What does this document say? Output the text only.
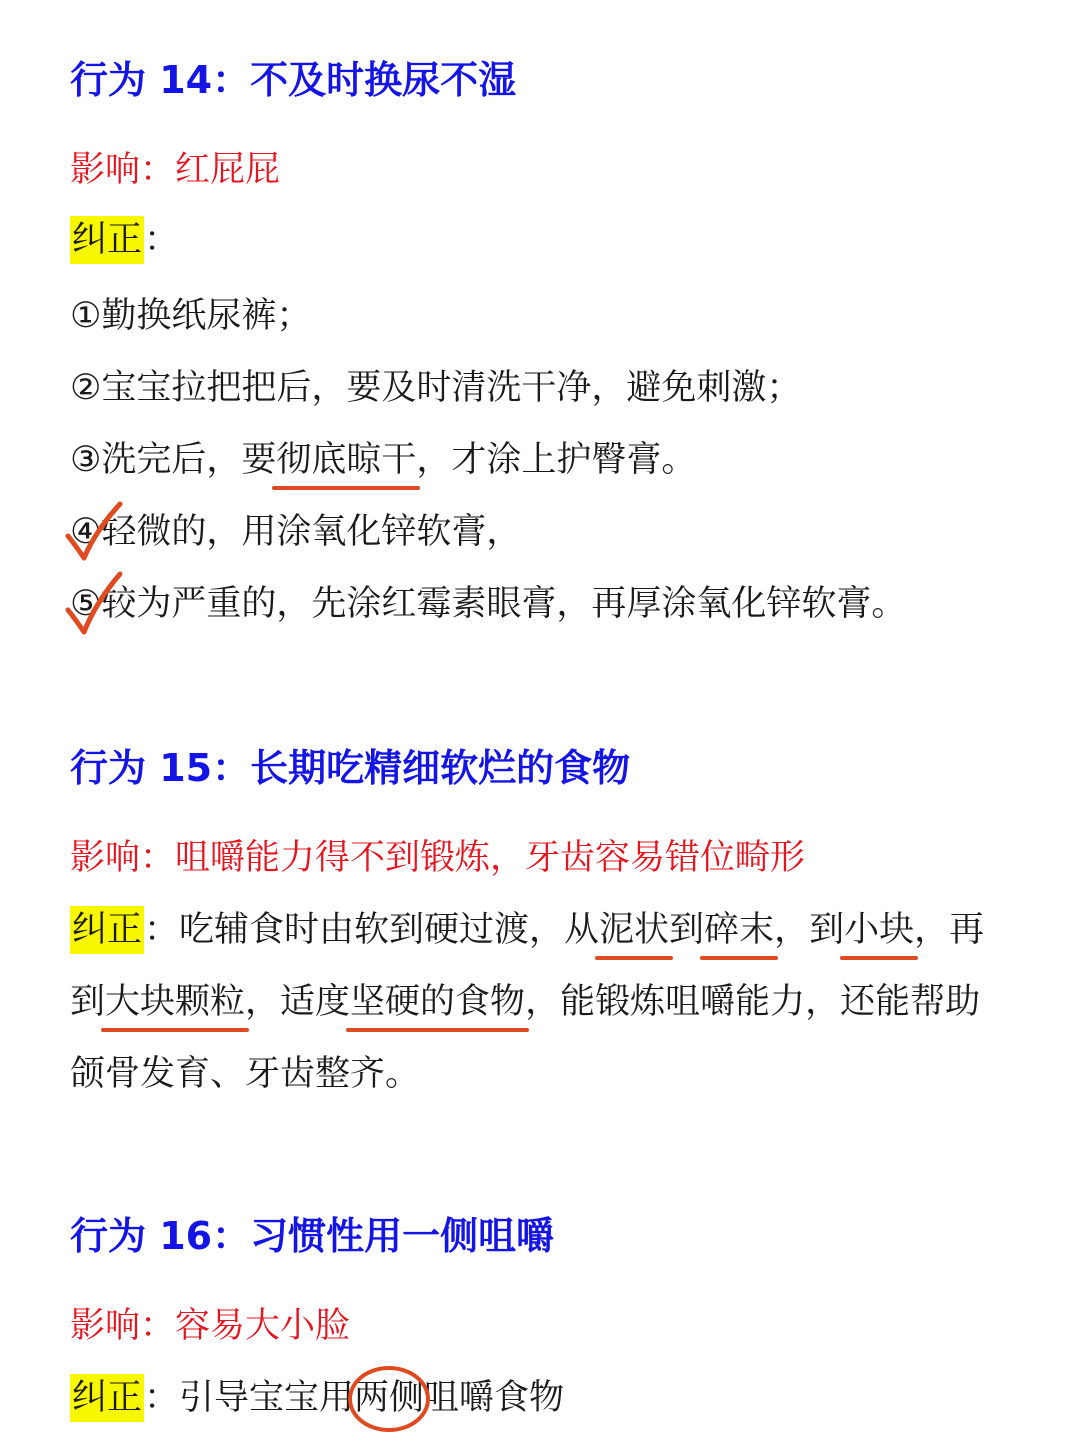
行为 14：不及时换尿不湿
影响：红屁屁
纠正：
①勤换纸尿裤；
②宝宝拉把把后，要及时清洗干净，避免刺激；
③洗完后，要彻底晾干，才涂上护臀膏。
④轻微的，用涂氧化锌软膏，
⑤较为严重的，先涂红霉素眼膏，再厚涂氧化锌软膏。
行为 15：长期吃精细软烂的食物
影响：咀嚼能力得不到锻炼，牙齿容易错位畸形
纠正：吃辅食时由软到硬过渡，从泥状到碎末，到小块，再
到大块颗粒，适度坚硬的食物，能锻炼咀嚼能力，还能帮助
颌骨发育、牙齿整齐。
行为 16：习惯性用一侧咀嚼
影响：容易大小脸
纠正：引导宝宝用两侧咀嚼食物
